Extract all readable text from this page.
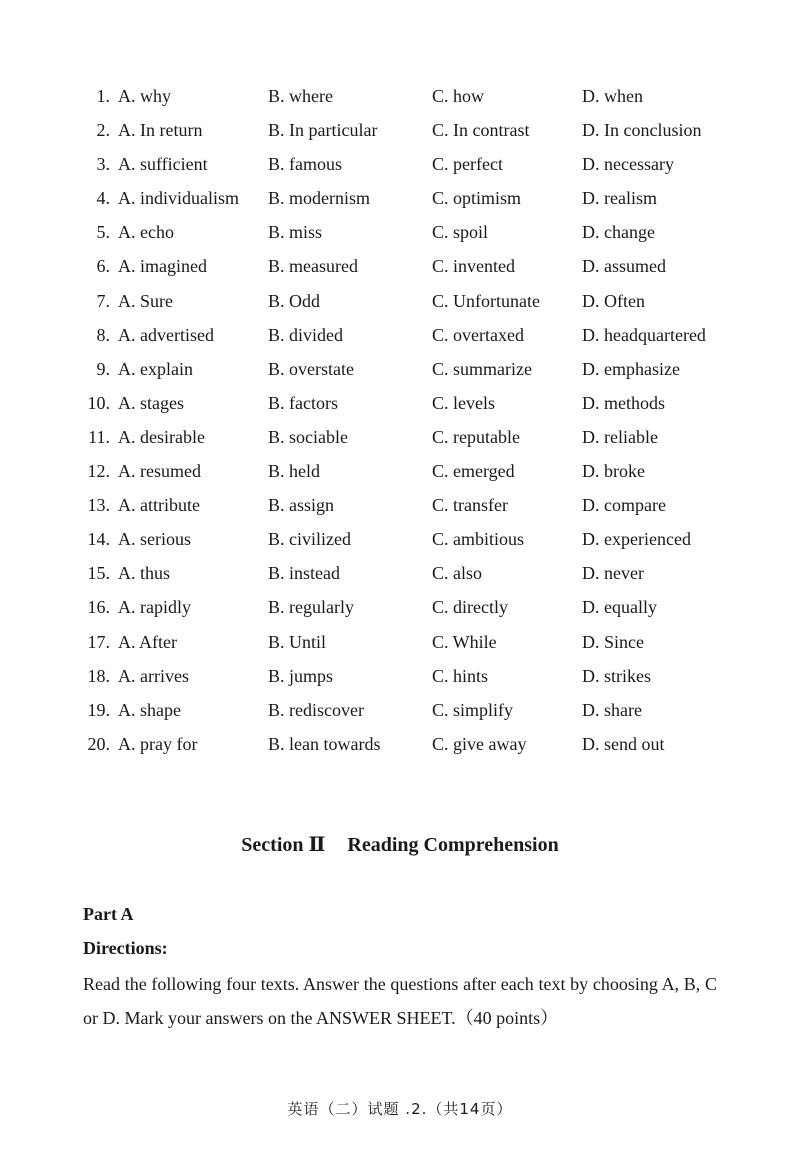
1. A. why	B. where	C. how	D. when
2. A. In return	B. In particular	C. In contrast	D. In conclusion
3. A. sufficient	B. famous	C. perfect	D. necessary
4. A. individualism B. modernism	C. optimism	D. realism
5. A. echo	B. miss	C. spoil	D. change
6. A. imagined	B. measured	C. invented	D. assumed
7. A. Sure	B. Odd	C. Unfortunate D. Often
8. A. advertised	B. divided	C. overtaxed	D. headquartered
9. A. explain	B. overstate	C. summarize	D. emphasize
10. A. stages	B. factors	C. levels	D. methods
11. A. desirable	B. sociable	C. reputable	D. reliable
12. A. resumed	B. held	C. emerged	D. broke
13. A. attribute	B. assign	C. transfer	D. compare
14. A. serious	B. civilized	C. ambitious	D. experienced
15. A. thus	B. instead	C. also	D. never
16. A. rapidly	B. regularly	C. directly	D. equally
17. A. After	B. Until	C. While	D. Since
18. A. arrives	B. jumps	C. hints	D. strikes
19. A. shape	B. rediscover	C. simplify	D. share
20. A. pray for	B. lean towards	C. give away	D. send out
Section Ⅱ Reading Comprehension
Part A
Directions:

Read the following four texts. Answer the questions after each text by choosing A, B, C or D. Mark your answers on the ANSWER SHEET.（40 points）

英语（二）试题 .2.（共14页）
